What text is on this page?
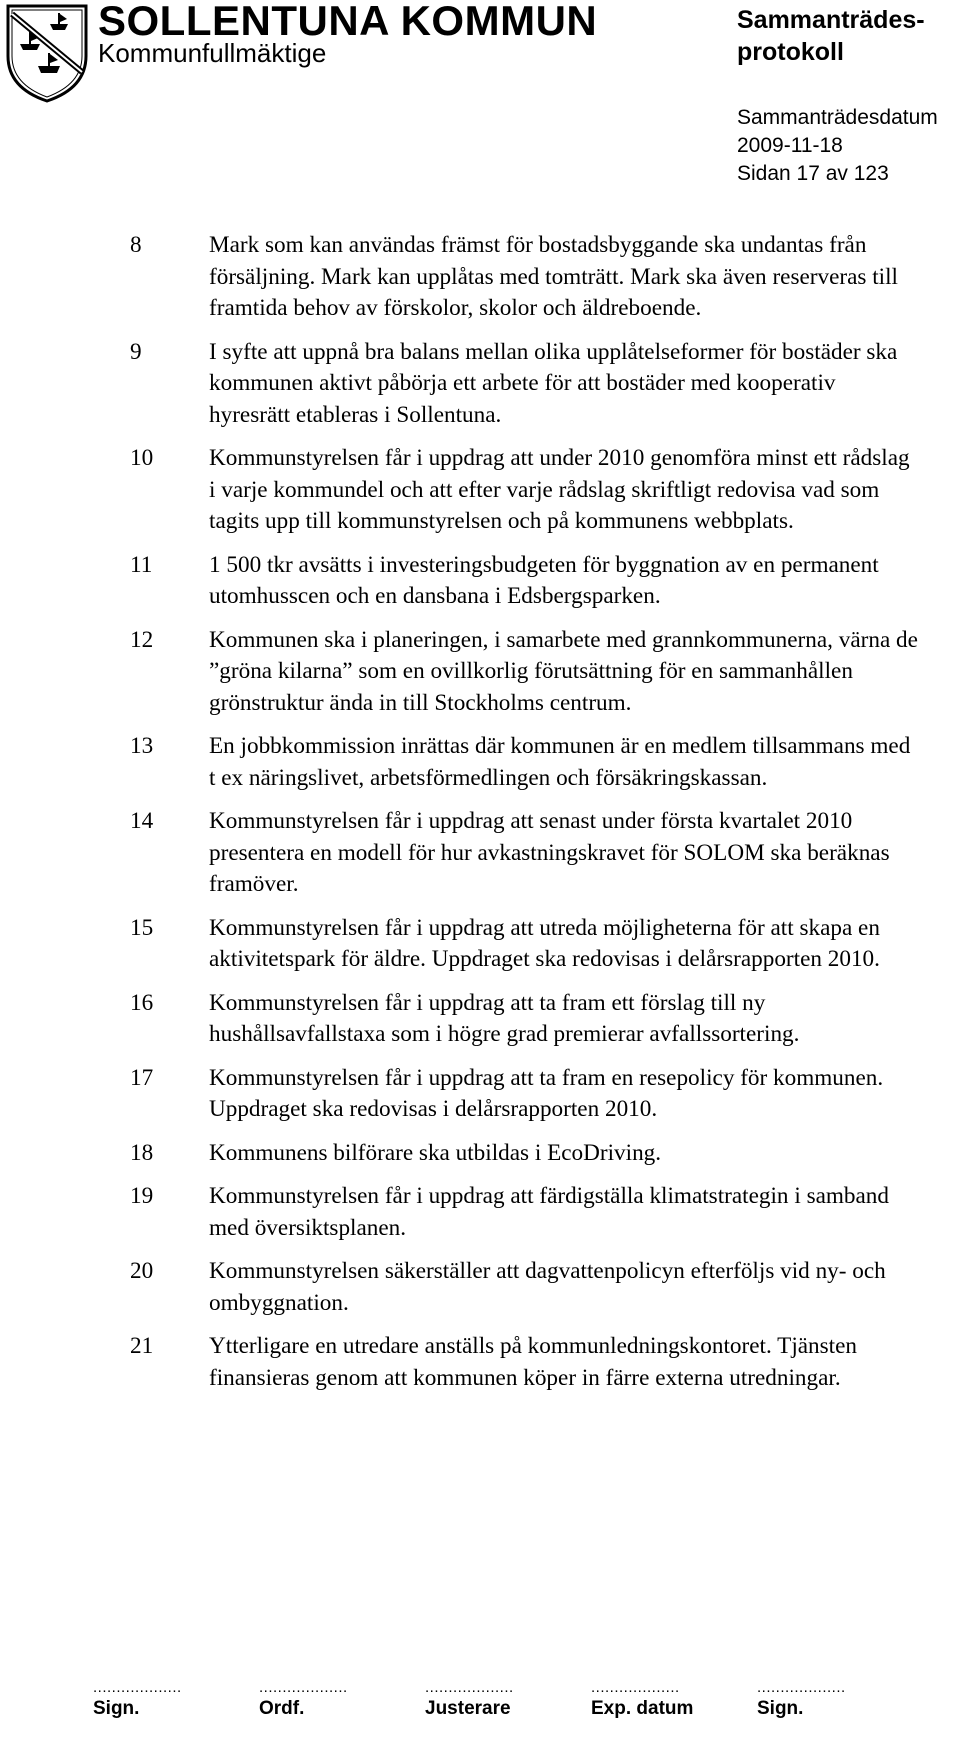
SOLLENTUNA KOMMUN
Kommunfullmäktige
Sammanträdes-protokoll
Sammanträdesdatum
2009-11-18
Sidan 17 av 123
8	Mark som kan användas främst för bostadsbyggande ska undantas från försäljning. Mark kan upplåtas med tomträtt. Mark ska även reserveras till framtida behov av förskolor, skolor och äldreboende.
9	I syfte att uppnå bra balans mellan olika upplåtelseformer för bostäder ska kommunen aktivt påbörja ett arbete för att bostäder med kooperativ hyresrätt etableras i Sollentuna.
10	Kommunstyrelsen får i uppdrag att under 2010 genomföra minst ett rådslag i varje kommundel och att efter varje rådslag skriftligt redovisa vad som tagits upp till kommunstyrelsen och på kommunens webbplats.
11	1 500 tkr avsätts i investeringsbudgeten för byggnation av en permanent utomhusscen och en dansbana i Edsbergsparken.
12	Kommunen ska i planeringen, i samarbete med grannkommunerna, värna de ”gröna kilarna” som en ovillkorlig förutsättning för en sammanhållen grönstruktur ända in till Stockholms centrum.
13	En jobbkommission inrättas där kommunen är en medlem tillsammans med t ex näringslivet, arbetsförmedlingen och försäkringskassan.
14	Kommunstyrelsen får i uppdrag att senast under första kvartalet 2010 presentera en modell för hur avkastningskravet för SOLOM ska beräknas framöver.
15	Kommunstyrelsen får i uppdrag att utreda möjligheterna för att skapa en aktivitetspark för äldre. Uppdraget ska redovisas i delårsrapporten 2010.
16	Kommunstyrelsen får i uppdrag att ta fram ett förslag till ny hushållsavfallstaxa som i högre grad premierar avfallssortering.
17	Kommunstyrelsen får i uppdrag att ta fram en resepolicy för kommunen. Uppdraget ska redovisas i delårsrapporten 2010.
18	Kommunens bilförare ska utbildas i EcoDriving.
19	Kommunstyrelsen får i uppdrag att färdigställa klimatstrategin i samband med översiktsplanen.
20	Kommunstyrelsen säkerställer att dagvattenpolicyn efterföljs vid ny- och ombyggnation.
21	Ytterligare en utredare anställs på kommunledningskontoret. Tjänsten finansieras genom att kommunen köper in färre externa utredningar.
...................
Sign.
...................
Ordf.
...................
Justerare
...................
Exp. datum
...................
Sign.
